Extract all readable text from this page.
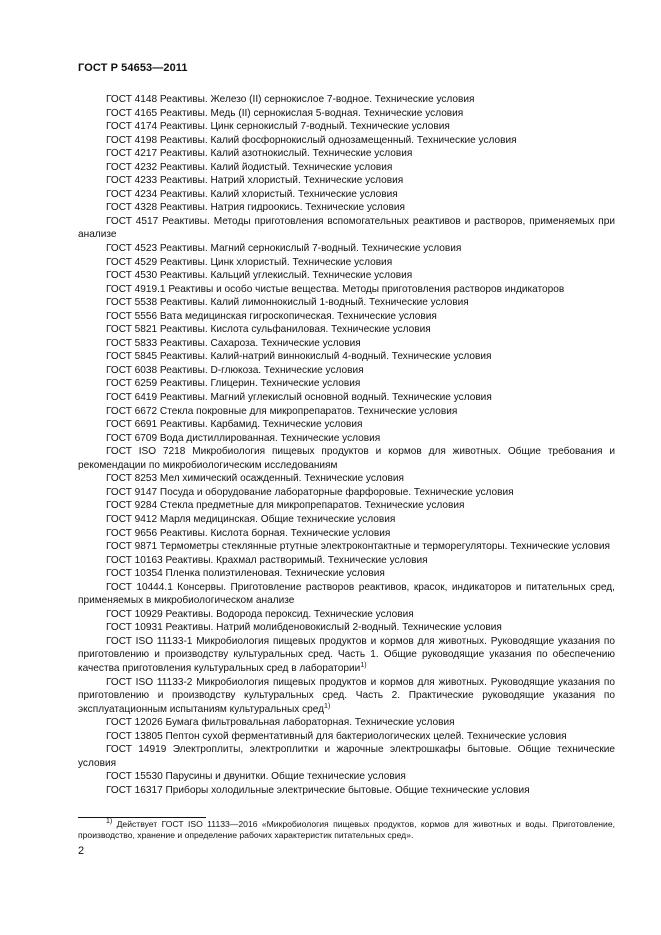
ГОСТ Р 54653—2011

ГОСТ 4148 Реактивы. Железо (II) сернокислое 7-водное. Технические условия

ГОСТ 4165 Реактивы. Медь (II) сернокислая 5-водная. Технические условия

ГОСТ 4174 Реактивы. Цинк сернокислый 7-водный. Технические условия

ГОСТ 4198 Реактивы. Калий фосфорнокислый однозамещенный. Технические условия

ГОСТ 4217 Реактивы. Калий азотнокислый. Технические условия

ГОСТ 4232 Реактивы. Калий йодистый. Технические условия

ГОСТ 4233 Реактивы. Натрий хлористый. Технические условия

ГОСТ 4234 Реактивы. Калий хлористый. Технические условия

ГОСТ 4328 Реактивы. Натрия гидроокись. Технические условия

ГОСТ 4517 Реактивы. Методы приготовления вспомогательных реактивов и растворов, применяемых при анализе

ГОСТ 4523 Реактивы. Магний сернокислый 7-водный. Технические условия

ГОСТ 4529 Реактивы. Цинк хлористый. Технические условия

ГОСТ 4530 Реактивы. Кальций углекислый. Технические условия

ГОСТ 4919.1 Реактивы и особо чистые вещества. Методы приготовления растворов индикаторов

ГОСТ 5538 Реактивы. Калий лимоннокислый 1-водный. Технические условия

ГОСТ 5556 Вата медицинская гигроскопическая. Технические условия

ГОСТ 5821 Реактивы. Кислота сульфаниловая. Технические условия

ГОСТ 5833 Реактивы. Сахароза. Технические условия

ГОСТ 5845 Реактивы. Калий-натрий виннокислый 4-водный. Технические условия

ГОСТ 6038 Реактивы. D-глюкоза. Технические условия

ГОСТ 6259 Реактивы. Глицерин. Технические условия

ГОСТ 6419 Реактивы. Магний углекислый основной водный. Технические условия

ГОСТ 6672 Стекла покровные для микропрепаратов. Технические условия

ГОСТ 6691 Реактивы. Карбамид. Технические условия

ГОСТ 6709 Вода дистиллированная. Технические условия

ГОСТ ISO 7218 Микробиология пищевых продуктов и кормов для животных. Общие требования и рекомендации по микробиологическим исследованиям

ГОСТ 8253 Мел химический осажденный. Технические условия

ГОСТ 9147 Посуда и оборудование лабораторные фарфоровые. Технические условия

ГОСТ 9284 Стекла предметные для микропрепаратов. Технические условия

ГОСТ 9412 Марля медицинская. Общие технические условия

ГОСТ 9656 Реактивы. Кислота борная. Технические условия

ГОСТ 9871 Термометры стеклянные ртутные электроконтактные и терморегуляторы. Технические условия

ГОСТ 10163 Реактивы. Крахмал растворимый. Технические условия

ГОСТ 10354 Пленка полиэтиленовая. Технические условия

ГОСТ 10444.1 Консервы. Приготовление растворов реактивов, красок, индикаторов и питательных сред, применяемых в микробиологическом анализе

ГОСТ 10929 Реактивы. Водорода пероксид. Технические условия

ГОСТ 10931 Реактивы. Натрий молибденовокислый 2-водный. Технические условия

ГОСТ ISO 11133-1 Микробиология пищевых продуктов и кормов для животных. Руководящие указания по приготовлению и производству культуральных сред. Часть 1. Общие руководящие указания по обеспечению качества приготовления культуральных сред в лаборатории$^{1)}$

ГОСТ ISO 11133-2 Микробиология пищевых продуктов и кормов для животных. Руководящие указания по приготовлению и производству культуральных сред. Часть 2. Практические руководящие указания по эксплуатационным испытаниям культуральных сред$^{1)}$

ГОСТ 12026 Бумага фильтровальная лабораторная. Технические условия

ГОСТ 13805 Пептон сухой ферментативный для бактериологических целей. Технические условия

ГОСТ 14919 Электроплиты, электроплитки и жарочные электрошкафы бытовые. Общие технические условия

ГОСТ 15530 Парусины и двунитки. Общие технические условия

ГОСТ 16317 Приборы холодильные электрические бытовые. Общие технические условия

$^{1)}$ Действует ГОСТ ISO 11133—2016 «Микробиология пищевых продуктов, кормов для животных и воды. Приготовление, производство, хранение и определение рабочих характеристик питательных сред».

2
